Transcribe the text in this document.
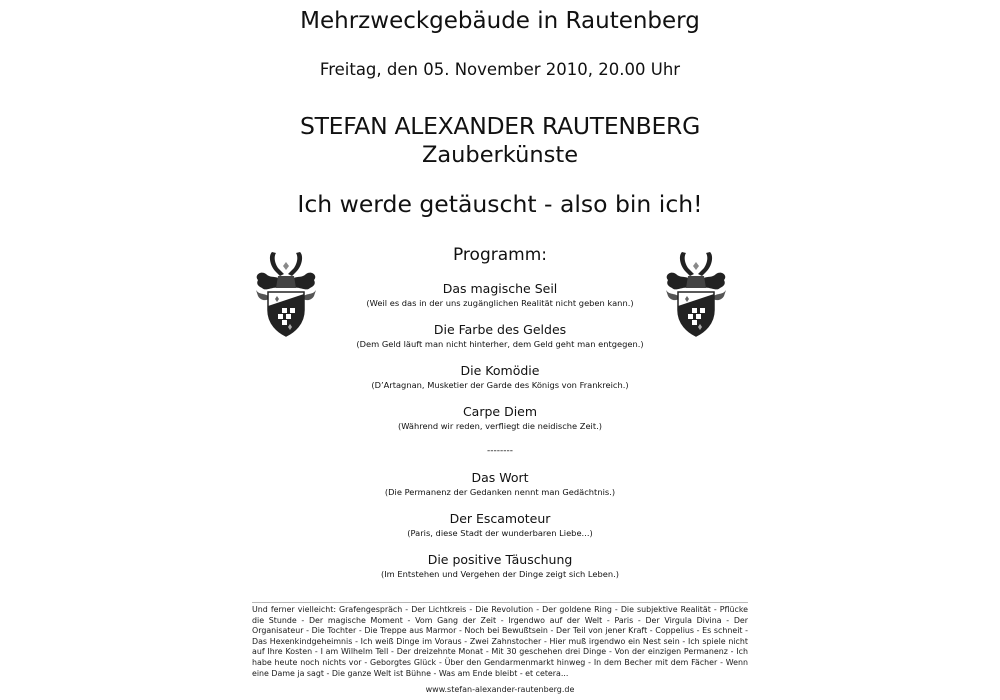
Mehrzweckgebäude in Rautenberg
Freitag, den 05. November 2010, 20.00 Uhr
STEFAN ALEXANDER RAUTENBERG
Zauberkünste
Ich werde getäuscht - also bin ich!
Programm:
Das magische Seil
(Weil es das in der uns zugänglichen Realität nicht geben kann.)
Die Farbe des Geldes
(Dem Geld läuft man nicht hinterher, dem Geld geht man entgegen.)
Die Komödie
(D’Artagnan, Musketier der Garde des Königs von Frankreich.)
Carpe Diem
(Während wir reden, verfliegt die neidische Zeit.)
--------
Das Wort
(Die Permanenz der Gedanken nennt man Gedächtnis.)
Der Escamoteur
(Paris, diese Stadt der wunderbaren Liebe...)
Die positive Täuschung
(Im Entstehen und Vergehen der Dinge zeigt sich Leben.)
Und ferner vielleicht: Grafengespräch - Der Lichtkreis - Die Revolution - Der goldene Ring - Die subjektive Realität - Pflücke die Stunde - Der magische Moment - Vom Gang der Zeit - Irgendwo auf der Welt - Paris - Der Virgula Divina - Der Organisateur - Die Tochter - Die Treppe aus Marmor - Noch bei Bewußtsein - Der Teil von jener Kraft - Coppelius - Es schneit - Das Hexenkindgeheimnis - Ich weiß Dinge im Voraus - Zwei Zahnstocher - Hier muß irgendwo ein Nest sein - Ich spiele nicht auf Ihre Kosten - I am Wilhelm Tell - Der dreizehnte Monat - Mit 30 geschehen drei Dinge - Von der einzigen Permanenz - Ich habe heute noch nichts vor - Geborgtes Glück - Über den Gendarmenmarkt hinweg - In dem Becher mit dem Fächer - Wenn eine Dame ja sagt - Die ganze Welt ist Bühne - Was am Ende bleibt - et cetera...
www.stefan-alexander-rautenberg.de
